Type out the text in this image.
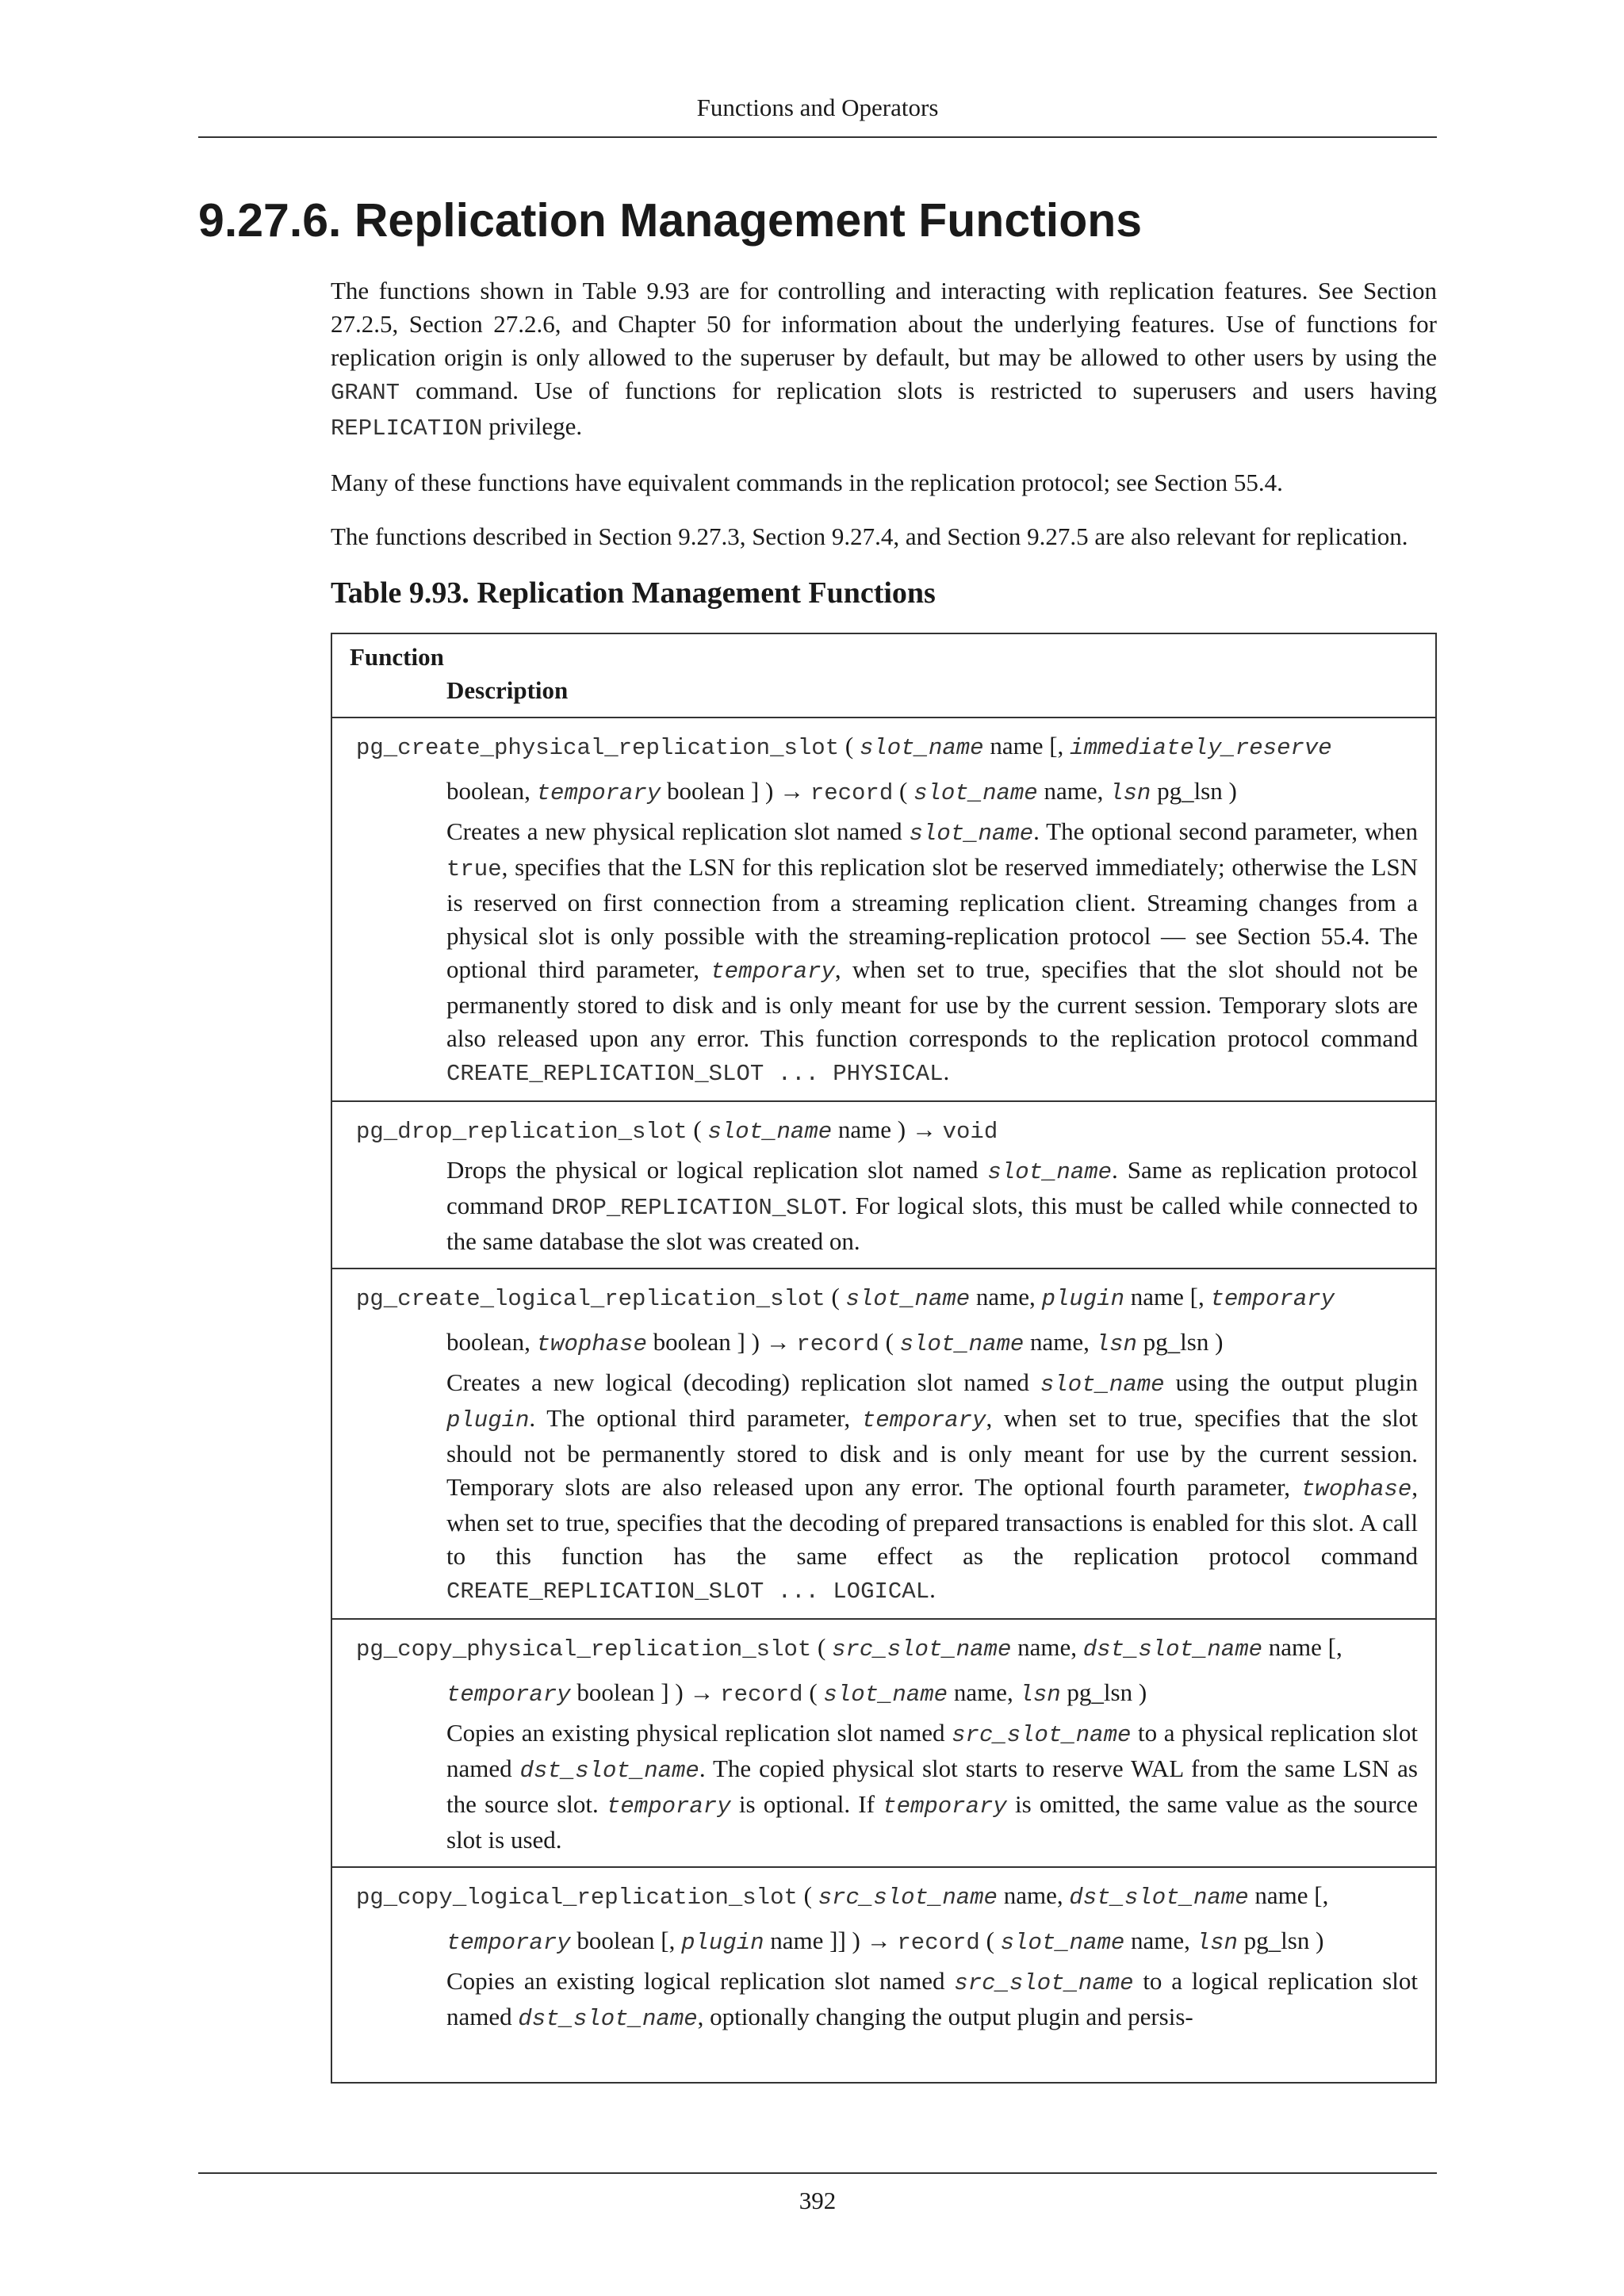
Functions and Operators
9.27.6. Replication Management Functions

The functions shown in Table 9.93 are for controlling and interacting with replication features. See Section 27.2.5, Section 27.2.6, and Chapter 50 for information about the underlying features. Use of functions for replication origin is only allowed to the superuser by default, but may be allowed to other users by using the GRANT command. Use of functions for replication slots is restricted to superusers and users having REPLICATION privilege.

Many of these functions have equivalent commands in the replication protocol; see Section 55.4.

The functions described in Section 9.27.3, Section 9.27.4, and Section 9.27.5 are also relevant for replication.

Table 9.93. Replication Management Functions
Function
Description
pg_create_physical_replication_slot ( slot_name name [, immediately_reserve boolean, temporary boolean ] ) → record ( slot_name name, lsn pg_lsn )
Creates a new physical replication slot named slot_name. The optional second parameter, when true, specifies that the LSN for this replication slot be reserved immediately; otherwise the LSN is reserved on first connection from a streaming replication client. Streaming changes from a physical slot is only possible with the streaming-replication protocol — see Section 55.4. The optional third parameter, temporary, when set to true, specifies that the slot should not be permanently stored to disk and is only meant for use by the current session. Temporary slots are also released upon any error. This function corresponds to the replication protocol command CREATE_REPLICATION_SLOT ... PHYSICAL.
pg_drop_replication_slot ( slot_name name ) → void
Drops the physical or logical replication slot named slot_name. Same as replication protocol command DROP_REPLICATION_SLOT. For logical slots, this must be called while connected to the same database the slot was created on.
pg_create_logical_replication_slot ( slot_name name, plugin name [, temporary boolean, twophase boolean ] ) → record ( slot_name name, lsn pg_lsn )
Creates a new logical (decoding) replication slot named slot_name using the output plugin plugin. The optional third parameter, temporary, when set to true, specifies that the slot should not be permanently stored to disk and is only meant for use by the current session. Temporary slots are also released upon any error. The optional fourth parameter, twophase, when set to true, specifies that the decoding of prepared transactions is enabled for this slot. A call to this function has the same effect as the replication protocol command CREATE_REPLICATION_SLOT ... LOGICAL.
pg_copy_physical_replication_slot ( src_slot_name name, dst_slot_name name [, temporary boolean ] ) → record ( slot_name name, lsn pg_lsn )
Copies an existing physical replication slot named src_slot_name to a physical replication slot named dst_slot_name. The copied physical slot starts to reserve WAL from the same LSN as the source slot. temporary is optional. If temporary is omitted, the same value as the source slot is used.
pg_copy_logical_replication_slot ( src_slot_name name, dst_slot_name name [, temporary boolean [, plugin name ]] ) → record ( slot_name name, lsn pg_lsn )
Copies an existing logical replication slot named src_slot_name to a logical replication slot named dst_slot_name, optionally changing the output plugin and persis-
392
